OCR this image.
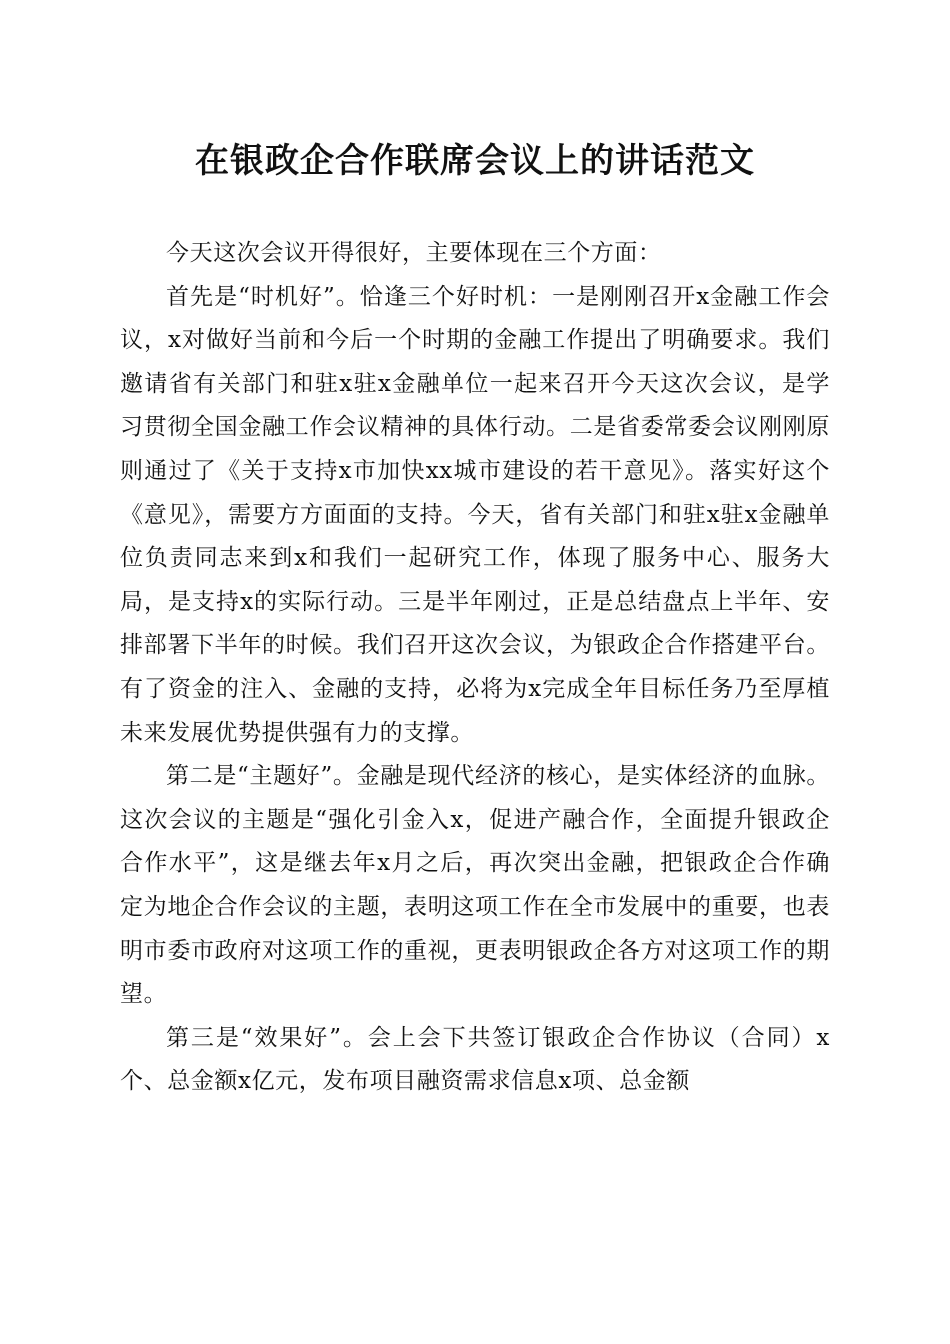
在银政企合作联席会议上的讲话范文

今天这次会议开得很好，主要体现在三个方面：

首先是“时机好”。恰逢三个好时机：一是刚刚召开x金融工作会议，x对做好当前和今后一个时期的金融工作提出了明确要求。我们邀请省有关部门和驻x驻x金融单位一起来召开今天这次会议，是学习贯彻全国金融工作会议精神的具体行动。二是省委常委会议刚刚原则通过了《关于支持x市加快xx城市建设的若干意见》。落实好这个《意见》，需要方方面面的支持。今天，省有关部门和驻x驻x金融单位负责同志来到x和我们一起研究工作，体现了服务中心、服务大局，是支持x的实际行动。三是半年刚过，正是总结盘点上半年、安排部署下半年的时候。我们召开这次会议，为银政企合作搭建平台。有了资金的注入、金融的支持，必将为x完成全年目标任务乃至厚植未来发展优势提供强有力的支撑。

第二是“主题好”。金融是现代经济的核心，是实体经济的血脉。这次会议的主题是“强化引金入x，促进产融合作，全面提升银政企合作水平”，这是继去年x月之后，再次突出金融，把银政企合作确定为地企合作会议的主题，表明这项工作在全市发展中的重要，也表明市委市政府对这项工作的重视，更表明银政企各方对这项工作的期望。

第三是“效果好”。会上会下共签订银政企合作协议（合同）x个、总金额x亿元，发布项目融资需求信息x项、总金额
